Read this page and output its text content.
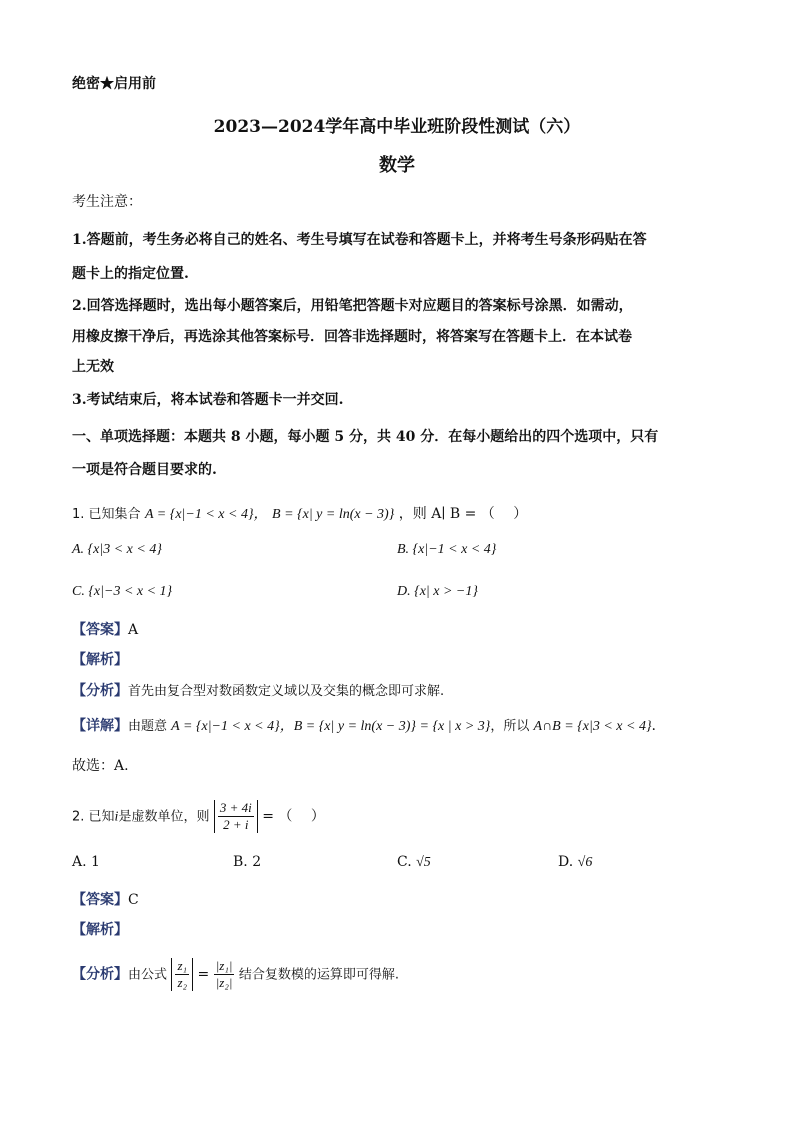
绝密★启用前
2023—2024学年高中毕业班阶段性测试（六）
数学
考生注意：
1.答题前，考生务必将自己的姓名、考生号填写在试卷和答题卡上，并将考生号条形码贴在答
题卡上的指定位置.
2.回答选择题时，选出每小题答案后，用铅笔把答题卡对应题目的答案标号涂黑．如需动，
用橡皮擦干净后，再选涂其他答案标号．回答非选择题时，将答案写在答题卡上．在本试卷
上无效
3.考试结束后，将本试卷和答题卡一并交回.
一、单项选择题：本题共 8 小题，每小题 5 分，共 40 分．在每小题给出的四个选项中，只有
一项是符合题目要求的.
1. 已知集合 A = {x|−1 < x < 4}， B = {x| y = ln(x − 3)} ，则 A∣ B = （　 ）
A. {x|3 < x < 4}	B. {x|−1 < x < 4}
C. {x|−3 < x < 1}	D. {x| x > −1}
【答案】A
【解析】
【分析】首先由复合型对数函数定义域以及交集的概念即可求解.
【详解】由题意 A = {x|−1 < x < 4}，B = {x| y = ln(x − 3)} = {x | x > 3}，所以 A∩B = {x|3 < x < 4}.
故选：A.
2. 已知i是虚数单位，则 $\frac{3 + 4i}{2 + i}$ = （　 ）
A. 1	B. 2	C. √5	D. √6
【答案】C
【解析】
【分析】由公式 $\frac{\text{z₁}}{\text{z₂}} = \frac{\text{|z₁|}}{\text{|z₂|}}$ 结合复数模的运算即可得解.
